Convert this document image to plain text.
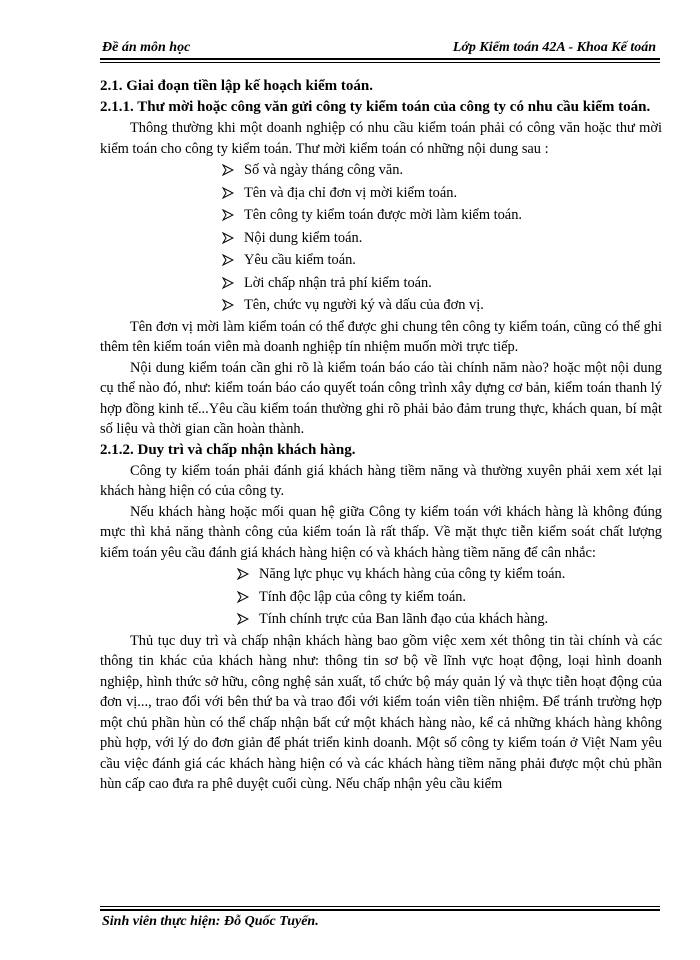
Đề án môn học	Lớp Kiểm toán 42A - Khoa Kế toán

2.1. Giai đoạn tiền lập kế hoạch kiểm toán.

2.1.1. Thư mời hoặc công văn gửi công ty kiểm toán của công ty có nhu cầu kiểm toán.

Thông thường khi một doanh nghiệp có nhu cầu kiểm toán phải có công văn hoặc thư mời kiểm toán cho công ty kiểm toán. Thư mời kiểm toán có những nội dung sau :

Số và ngày tháng công văn.
Tên và địa chỉ đơn vị mời kiểm toán.
Tên công ty kiểm toán được mời làm kiểm toán.
Nội dung kiểm toán.
Yêu cầu kiểm toán.
Lời chấp nhận trả phí kiểm toán.
Tên, chức vụ người ký và dấu của đơn vị.

Tên đơn vị mời làm kiểm toán có thể được ghi chung tên công ty kiểm toán, cũng có thể ghi thêm tên kiểm toán viên mà doanh nghiệp tín nhiệm muốn mời trực tiếp.

Nội dung kiểm toán cần ghi rõ là kiểm toán báo cáo tài chính năm nào? hoặc một nội dung cụ thể nào đó, như: kiểm toán báo cáo quyết toán công trình xây dựng cơ bản, kiểm toán thanh lý hợp đồng kinh tế...Yêu cầu kiểm toán thường ghi rõ phải bảo đảm trung thực, khách quan, bí mật số liệu và thời gian cần hoàn thành.

2.1.2. Duy trì và chấp nhận khách hàng.

Công ty kiểm toán phải đánh giá khách hàng tiềm năng và thường xuyên phải xem xét lại khách hàng hiện có của công ty.

Nếu khách hàng hoặc mối quan hệ giữa Công ty kiểm toán với khách hàng là không đúng mực thì khả năng thành công của kiểm toán là rất thấp. Về mặt thực tiễn kiểm soát chất lượng kiểm toán yêu cầu đánh giá khách hàng hiện có và khách hàng tiềm năng để cân nhắc:

Năng lực phục vụ khách hàng của công ty kiểm toán.
Tính độc lập của công ty kiểm toán.
Tính chính trực của Ban lãnh đạo của khách hàng.

Thủ tục duy trì và chấp nhận khách hàng bao gồm việc xem xét thông tin tài chính và các thông tin khác của khách hàng như: thông tin sơ bộ về lĩnh vực hoạt động, loại hình doanh nghiệp, hình thức sở hữu, công nghệ sản xuất, tổ chức bộ máy quản lý và thực tiễn hoạt động của đơn vị..., trao đổi với bên thứ ba và trao đổi với kiểm toán viên tiền nhiệm. Để tránh trường hợp một chủ phần hùn có thể chấp nhận bất cứ một khách hàng nào, kể cả những khách hàng không phù hợp, với lý do đơn giản để phát triển kinh doanh. Một số công ty kiểm toán ở Việt Nam yêu cầu việc đánh giá các khách hàng hiện có và các khách hàng tiềm năng phải được một chủ phần hùn cấp cao đưa ra phê duyệt cuối cùng. Nếu chấp nhận yêu cầu kiểm

Sinh viên thực hiện: Đỗ Quốc Tuyển.
